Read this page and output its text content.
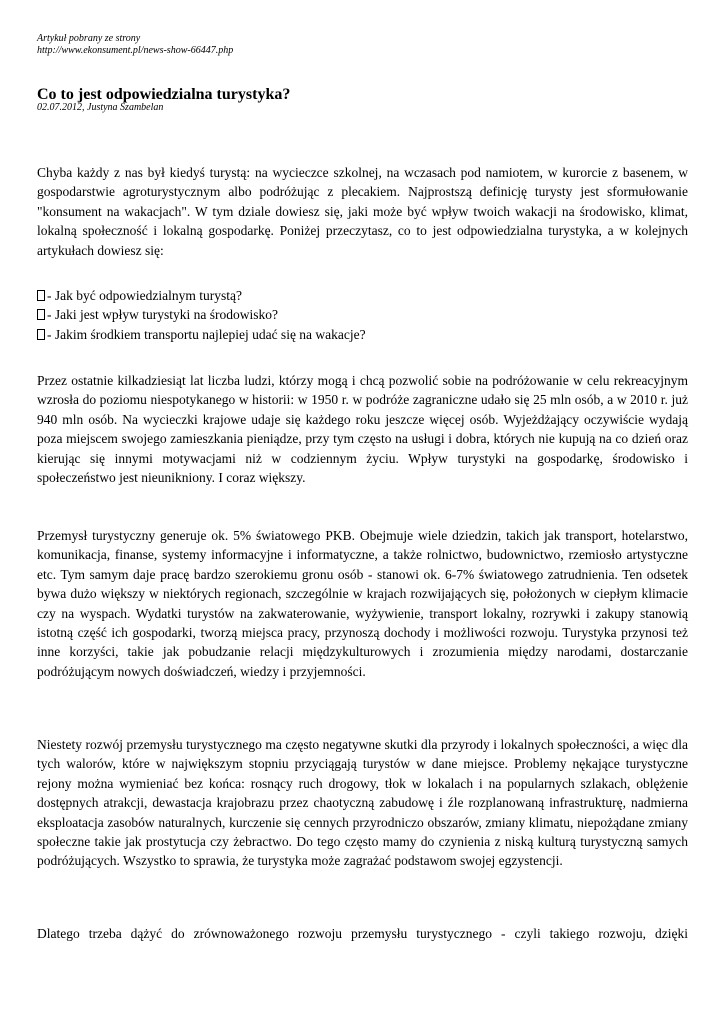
Artykuł pobrany ze strony
http://www.ekonsument.pl/news-show-66447.php
Co to jest odpowiedzialna turystyka?
02.07.2012, Justyna Szambelan

Chyba każdy z nas był kiedyś turystą: na wycieczce szkolnej, na wczasach pod namiotem, w kurorcie z basenem, w gospodarstwie agroturystycznym albo podróżując z plecakiem. Najprostszą definicję turysty jest sformułowanie "konsument na wakacjach". W tym dziale dowiesz się, jaki może być wpływ twoich wakacji na środowisko, klimat, lokalną społeczność i lokalną gospodarkę. Poniżej przeczytasz, co to jest odpowiedzialna turystyka, a w kolejnych artykułach dowiesz się:

- Jak być odpowiedzialnym turystą?
- Jaki jest wpływ turystyki na środowisko?
- Jakim środkiem transportu najlepiej udać się na wakacje?

Przez ostatnie kilkadziesiąt lat liczba ludzi, którzy mogą i chcą pozwolić sobie na podróżowanie w celu rekreacyjnym wzrosła do poziomu niespotykanego w historii: w 1950 r. w podróże zagraniczne udało się 25 mln osób, a w 2010 r. już 940 mln osób. Na wycieczki krajowe udaje się każdego roku jeszcze więcej osób. Wyjeżdżający oczywiście wydają poza miejscem swojego zamieszkania pieniądze, przy tym często na usługi i dobra, których nie kupują na co dzień oraz kierując się innymi motywacjami niż w codziennym życiu. Wpływ turystyki na gospodarkę, środowisko i społeczeństwo jest nieunikniony. I coraz większy.

Przemysł turystyczny generuje ok. 5% światowego PKB. Obejmuje wiele dziedzin, takich jak transport, hotelarstwo, komunikacja, finanse, systemy informacyjne i informatyczne, a także rolnictwo, budownictwo, rzemiosło artystyczne etc. Tym samym daje pracę bardzo szerokiemu gronu osób - stanowi ok. 6-7% światowego zatrudnienia. Ten odsetek bywa dużo większy w niektórych regionach, szczególnie w krajach rozwijających się, położonych w ciepłym klimacie czy na wyspach. Wydatki turystów na zakwaterowanie, wyżywienie, transport lokalny, rozrywki i zakupy stanowią istotną część ich gospodarki, tworzą miejsca pracy, przynoszą dochody i możliwości rozwoju. Turystyka przynosi też inne korzyści, takie jak pobudzanie relacji międzykulturowych i zrozumienia między narodami, dostarczanie podróżującym nowych doświadczeń, wiedzy i przyjemności.

Niestety rozwój przemysłu turystycznego ma często negatywne skutki dla przyrody i lokalnych społeczności, a więc dla tych walorów, które w największym stopniu przyciągają turystów w dane miejsce. Problemy nękające turystyczne rejony można wymieniać bez końca: rosnący ruch drogowy, tłok w lokalach i na popularnych szlakach, oblężenie dostępnych atrakcji, dewastacja krajobrazu przez chaotyczną zabudowę i źle rozplanowaną infrastrukturę, nadmierna eksploatacja zasobów naturalnych, kurczenie się cennych przyrodniczo obszarów, zmiany klimatu, niepożądane zmiany społeczne takie jak prostytucja czy żebractwo. Do tego często mamy do czynienia z niską kulturą turystyczną samych podróżujących. Wszystko to sprawia, że turystyka może zagrażać podstawom swojej egzystencji.

Dlatego trzeba dążyć do zrównoważonego rozwoju przemysłu turystycznego - czyli takiego rozwoju, dzięki
